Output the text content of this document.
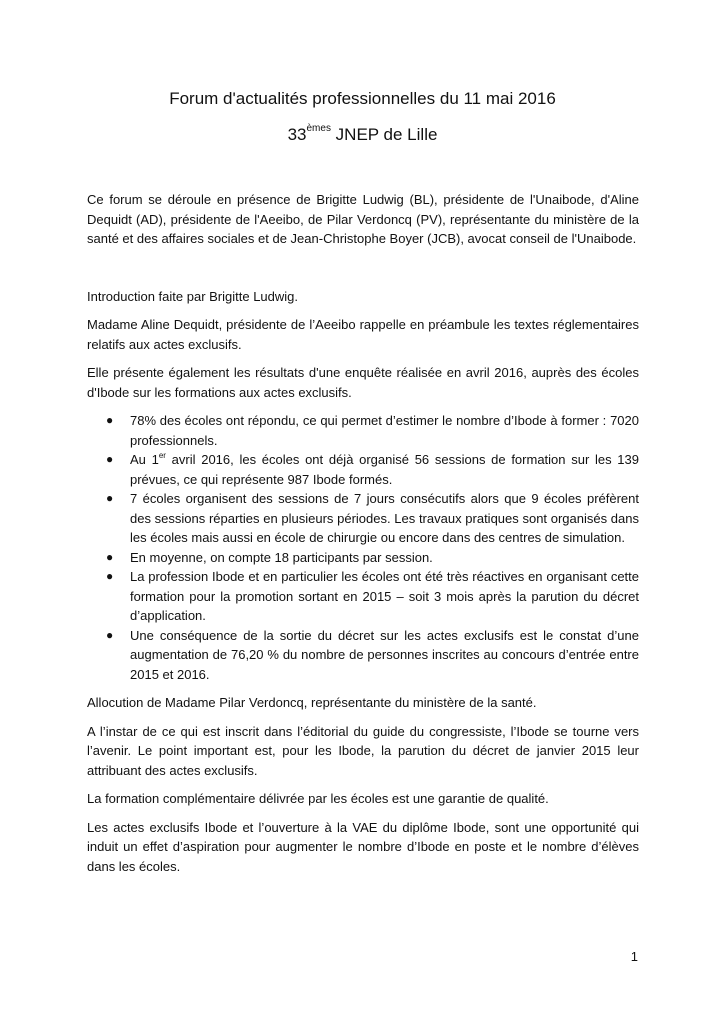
Forum d'actualités professionnelles du 11 mai 2016

33èmes JNEP de Lille

Ce forum se déroule en présence de Brigitte Ludwig (BL), présidente de l'Unaibode, d'Aline Dequidt (AD), présidente de l'Aeeibo, de Pilar Verdoncq (PV), représentante du ministère de la santé et des affaires sociales et de Jean-Christophe Boyer (JCB), avocat conseil de l'Unaibode.

Introduction faite par Brigitte Ludwig.

Madame Aline Dequidt, présidente de l’Aeeibo rappelle en préambule les textes réglementaires relatifs aux actes exclusifs.

Elle présente également les résultats d'une enquête réalisée en avril 2016, auprès des écoles d'Ibode sur les formations aux actes exclusifs.

● 78% des écoles ont répondu, ce qui permet d’estimer le nombre d’Ibode à former : 7020 professionnels.
● Au 1er avril 2016, les écoles ont déjà organisé 56 sessions de formation sur les 139 prévues, ce qui représente 987 Ibode formés.
● 7 écoles organisent des sessions de 7 jours consécutifs alors que 9 écoles préfèrent des sessions réparties en plusieurs périodes. Les travaux pratiques sont organisés dans les écoles mais aussi en école de chirurgie ou encore dans des centres de simulation.
● En moyenne, on compte 18 participants par session.
● La profession Ibode et en particulier les écoles ont été très réactives en organisant cette formation pour la promotion sortant en 2015 – soit 3 mois après la parution du décret d’application.
● Une conséquence de la sortie du décret sur les actes exclusifs est le constat d’une augmentation de 76,20 % du nombre de personnes inscrites au concours d’entrée entre 2015 et 2016.

Allocution de Madame Pilar Verdoncq, représentante du ministère de la santé.

A l’instar de ce qui est inscrit dans l’éditorial du guide du congressiste, l’Ibode se tourne vers l’avenir. Le point important est, pour les Ibode, la parution du décret de janvier 2015 leur attribuant des actes exclusifs.

La formation complémentaire délivrée par les écoles est une garantie de qualité.

Les actes exclusifs Ibode et l’ouverture à la VAE du diplôme Ibode, sont une opportunité qui induit un effet d’aspiration pour augmenter le nombre d’Ibode en poste et le nombre d’élèves dans les écoles.

1
